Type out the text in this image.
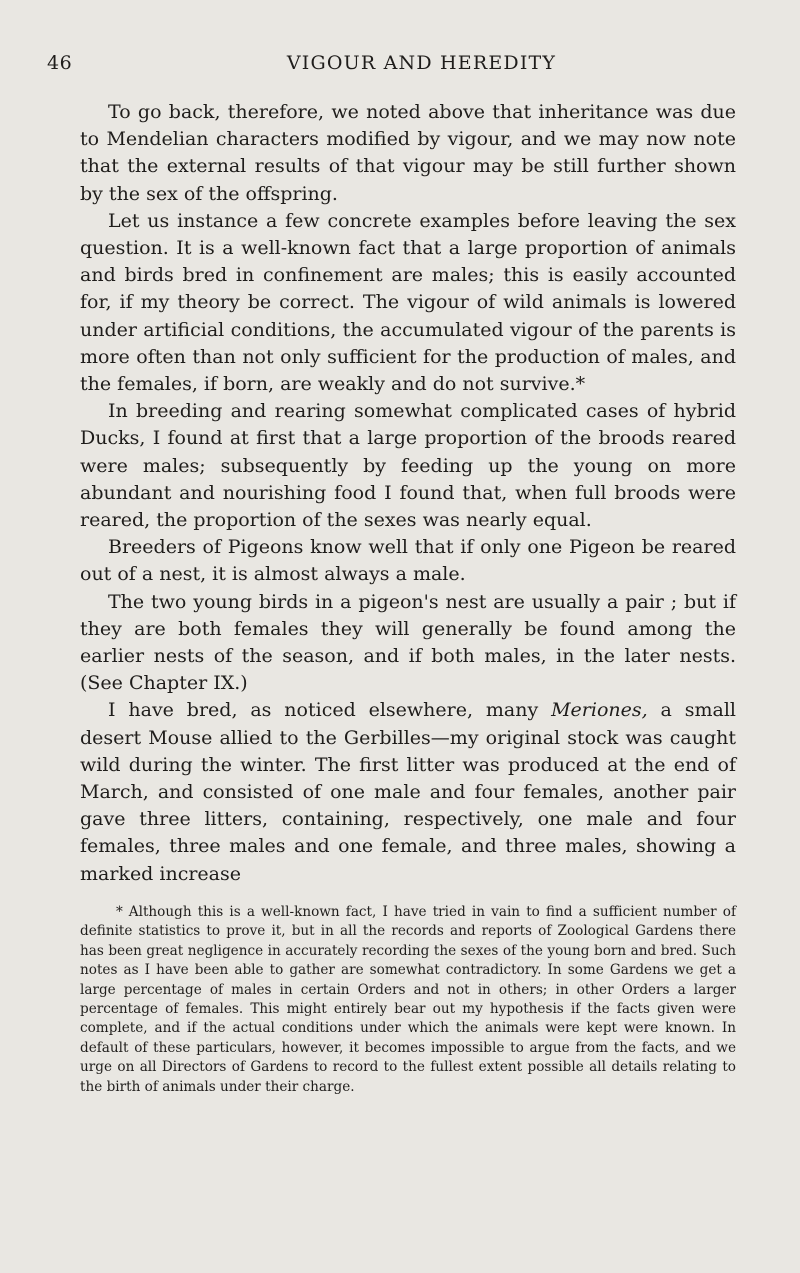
46	VIGOUR AND HEREDITY

To go back, therefore, we noted above that inheritance was due to Mendelian characters modified by vigour, and we may now note that the external results of that vigour may be still further shown by the sex of the offspring.

Let us instance a few concrete examples before leaving the sex question. It is a well-known fact that a large proportion of animals and birds bred in confinement are males; this is easily accounted for, if my theory be correct. The vigour of wild animals is lowered under artificial conditions, the accumulated vigour of the parents is more often than not only sufficient for the production of males, and the females, if born, are weakly and do not survive.*

In breeding and rearing somewhat complicated cases of hybrid Ducks, I found at first that a large proportion of the broods reared were males; subsequently by feeding up the young on more abundant and nourishing food I found that, when full broods were reared, the proportion of the sexes was nearly equal.

Breeders of Pigeons know well that if only one Pigeon be reared out of a nest, it is almost always a male.

The two young birds in a pigeon's nest are usually a pair ; but if they are both females they will generally be found among the earlier nests of the season, and if both males, in the later nests. (See Chapter IX.)

I have bred, as noticed elsewhere, many Meriones, a small desert Mouse allied to the Gerbilles—my original stock was caught wild during the winter. The first litter was produced at the end of March, and consisted of one male and four females, another pair gave three litters, containing, respectively, one male and four females, three males and one female, and three males, showing a marked increase

* Although this is a well-known fact, I have tried in vain to find a sufficient number of definite statistics to prove it, but in all the records and reports of Zoological Gardens there has been great negligence in accurately recording the sexes of the young born and bred. Such notes as I have been able to gather are somewhat contradictory. In some Gardens we get a large percentage of males in certain Orders and not in others; in other Orders a larger percentage of females. This might entirely bear out my hypothesis if the facts given were complete, and if the actual conditions under which the animals were kept were known. In default of these particulars, however, it becomes impossible to argue from the facts, and we urge on all Directors of Gardens to record to the fullest extent possible all details relating to the birth of animals under their charge.
